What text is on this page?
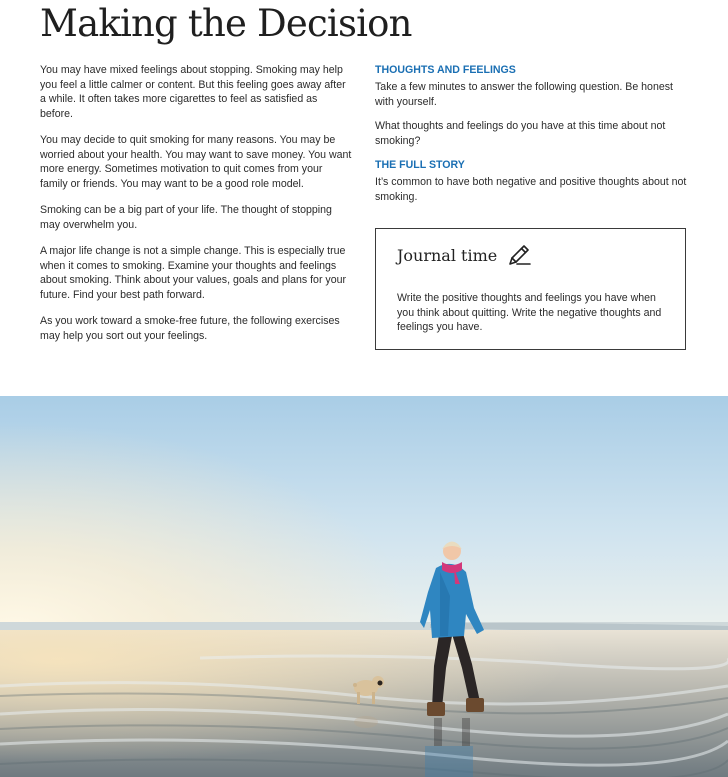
Making the Decision

You may have mixed feelings about stopping. Smoking may help you feel a little calmer or content. But this feeling goes away after a while. It often takes more cigarettes to feel as satisfied as before.

You may decide to quit smoking for many reasons. You may be worried about your health. You may want to save money. You want more energy. Sometimes motivation to quit comes from your family or friends. You may want to be a good role model.

Smoking can be a big part of your life. The thought of stopping may overwhelm you.

A major life change is not a simple change. This is especially true when it comes to smoking. Examine your thoughts and feelings about smoking. Think about your values, goals and plans for your future. Find your best path forward.

As you work toward a smoke-free future, the following exercises may help you sort out your feelings.

THOUGHTS AND FEELINGS

Take a few minutes to answer the following question. Be honest with yourself.

What thoughts and feelings do you have at this time about not smoking?

THE FULL STORY

It’s common to have both negative and positive thoughts about not smoking.

Journal time

Write the positive thoughts and feelings you have when you think about quitting. Write the negative thoughts and feelings you have.
